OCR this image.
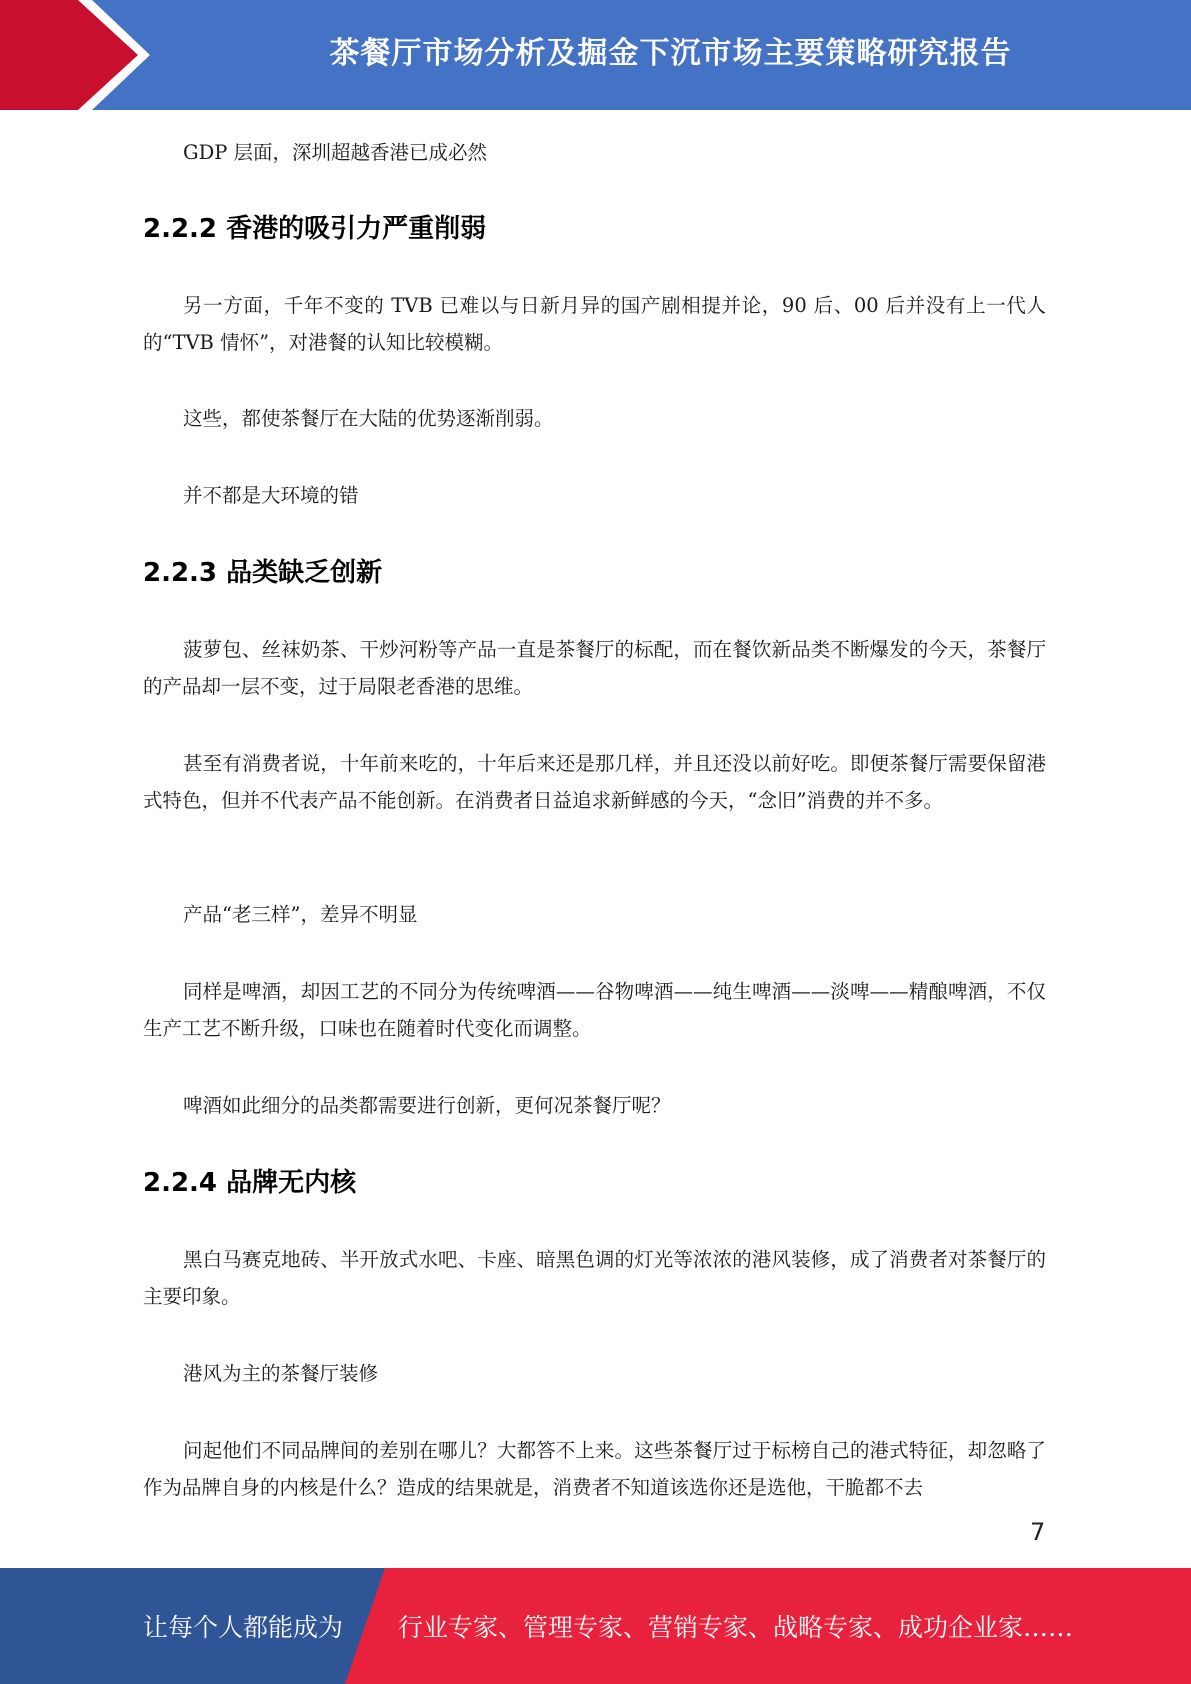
茶餐厅市场分析及掘金下沉市场主要策略研究报告

GDP 层面，深圳超越香港已成必然

2.2.2 香港的吸引力严重削弱

另一方面，千年不变的 TVB 已难以与日新月异的国产剧相提并论，90 后、00 后并没有上一代人的“TVB 情怀”，对港餐的认知比较模糊。

这些，都使茶餐厅在大陆的优势逐渐削弱。

并不都是大环境的错

2.2.3 品类缺乏创新

菠萝包、丝袜奶茶、干炒河粉等产品一直是茶餐厅的标配，而在餐饮新品类不断爆发的今天，茶餐厅的产品却一层不变，过于局限老香港的思维。

甚至有消费者说，十年前来吃的，十年后来还是那几样，并且还没以前好吃。即便茶餐厅需要保留港式特色，但并不代表产品不能创新。在消费者日益追求新鲜感的今天，“念旧”消费的并不多。

产品“老三样”，差异不明显

同样是啤酒，却因工艺的不同分为传统啤酒——谷物啤酒——纯生啤酒——淡啤——精酿啤酒，不仅生产工艺不断升级，口味也在随着时代变化而调整。

啤酒如此细分的品类都需要进行创新，更何况茶餐厅呢？

2.2.4 品牌无内核

黑白马赛克地砖、半开放式水吧、卡座、暗黑色调的灯光等浓浓的港风装修，成了消费者对茶餐厅的主要印象。

港风为主的茶餐厅装修

问起他们不同品牌间的差别在哪儿？大都答不上来。这些茶餐厅过于标榜自己的港式特征，却忽略了作为品牌自身的内核是什么？造成的结果就是，消费者不知道该选你还是选他，干脆都不去

7
让每个人都能成为 行业专家、管理专家、营销专家、战略专家、成功企业家……
